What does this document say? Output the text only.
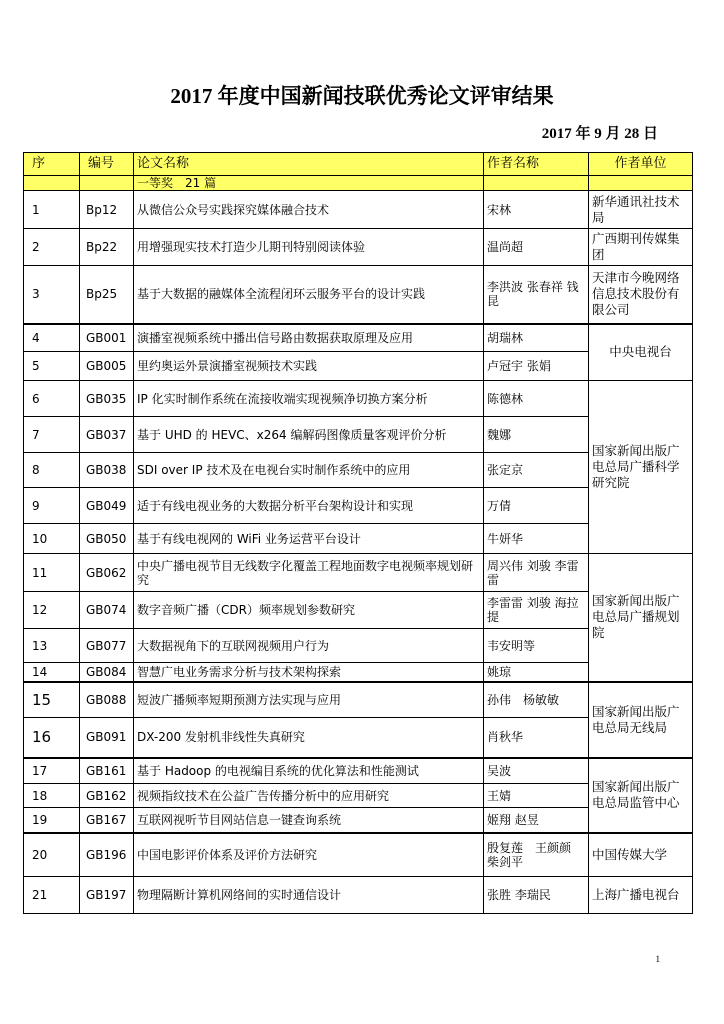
2017 年度中国新闻技联优秀论文评审结果
2017 年 9 月 28 日
序	编号	论文名称	作者名称	作者单位
		一等奖　21 篇		
1	Bp12	从微信公众号实践探究媒体融合技术	宋林	新华通讯社技术局
2	Bp22	用增强现实技术打造少儿期刊特别阅读体验	温尚超	广西期刊传媒集团
3	Bp25	基于大数据的融媒体全流程闭环云服务平台的设计实践	李洪波 张春祥 钱昆	天津市今晚网络信息技术股份有限公司
4	GB001	演播室视频系统中播出信号路由数据获取原理及应用	胡瑞林	中央电视台
5	GB005	里约奥运外景演播室视频技术实践	卢冠宇 张娟	
6	GB035	IP 化实时制作系统在流接收端实现视频净切换方案分析	陈德林	国家新闻出版广电总局广播科学研究院
7	GB037	基于 UHD 的 HEVC、x264 编解码图像质量客观评价分析	魏娜	
8	GB038	SDI over IP 技术及在电视台实时制作系统中的应用	张定京	
9	GB049	适于有线电视业务的大数据分析平台架构设计和实现	万倩	
10	GB050	基于有线电视网的 WiFi 业务运营平台设计	牛妍华	
11	GB062	中央广播电视节目无线数字化覆盖工程地面数字电视频率规划研究	周兴伟 刘骏 李雷雷	国家新闻出版广电总局广播规划院
12	GB074	数字音频广播（CDR）频率规划参数研究	李雷雷 刘骏 海拉提	
13	GB077	大数据视角下的互联网视频用户行为	韦安明等	
14	GB084	智慧广电业务需求分析与技术架构探索	姚琼	
15	GB088	短波广播频率短期预测方法实现与应用	孙伟　杨敏敏	国家新闻出版广电总局无线局
16	GB091	DX-200 发射机非线性失真研究	肖秋华	
17	GB161	基于 Hadoop 的电视编目系统的优化算法和性能测试	吴波	国家新闻出版广电总局监管中心
18	GB162	视频指纹技术在公益广告传播分析中的应用研究	王婧	
19	GB167	互联网视听节目网站信息一键查询系统	姬翔 赵昱	
20	GB196	中国电影评价体系及评价方法研究	殷复莲　王颜颜　柴剑平	中国传媒大学
21	GB197	物理隔断计算机网络间的实时通信设计	张胜 李瑞民	上海广播电视台
1
